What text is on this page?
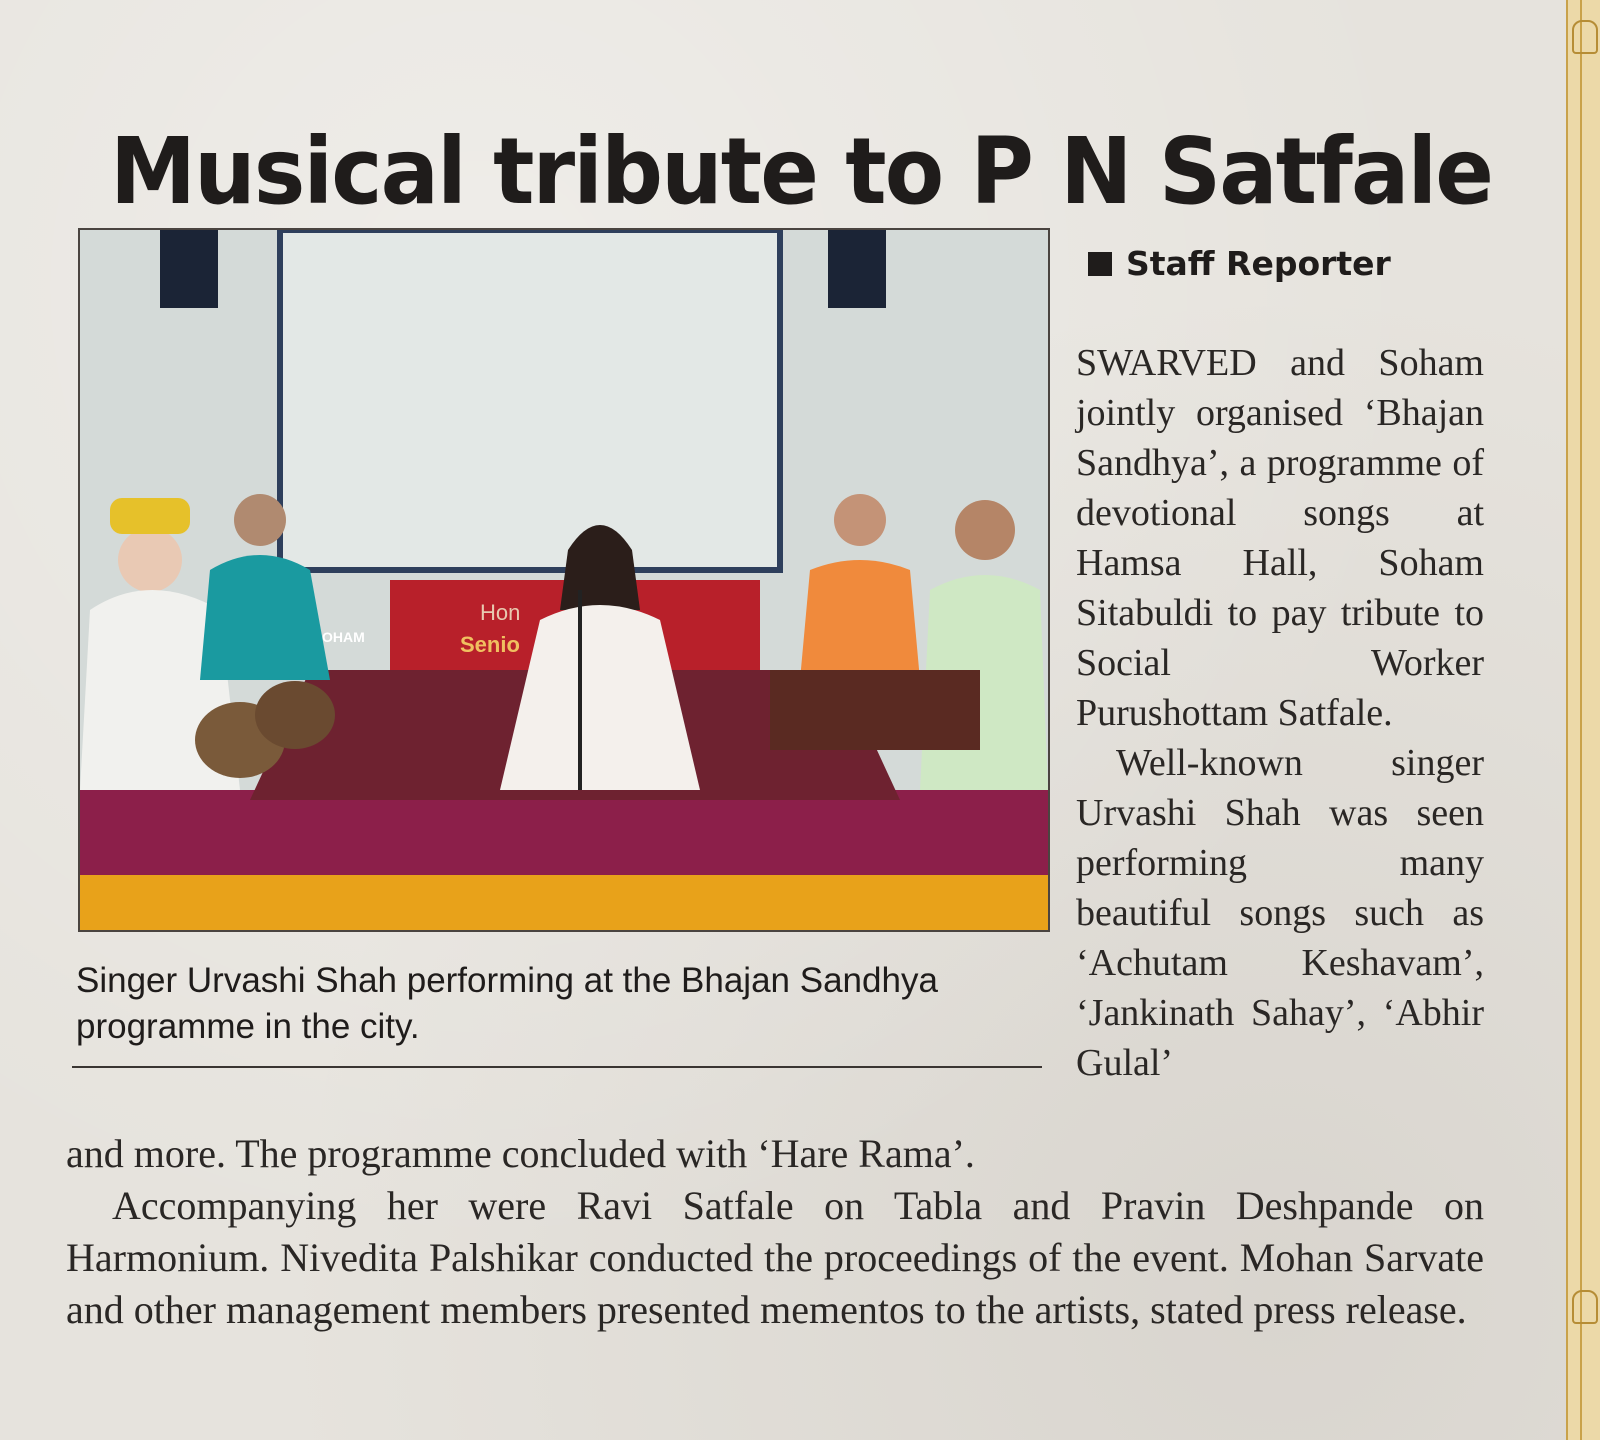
Musical tribute to P N Satfale
Hon
Senio
OHAM
Staff Reporter

SWARVED and Soham jointly organised ‘Bhajan Sandhya’, a programme of devotional songs at Hamsa Hall, Soham Sitabuldi to pay tribute to Social Worker Purushottam Satfale.

Well-known singer Urvashi Shah was seen performing many beautiful songs such as ‘Achutam Keshavam’, ‘Jankinath Sahay’, ‘Abhir Gulal’

Singer Urvashi Shah performing at the Bhajan Sandhya programme in the city.

and more. The programme concluded with ‘Hare Rama’.

Accompanying her were Ravi Satfale on Tabla and Pravin Deshpande on Harmonium. Nivedita Palshikar conducted the proceedings of the event. Mohan Sarvate and other management members presented mementos to the artists, stated press release.
